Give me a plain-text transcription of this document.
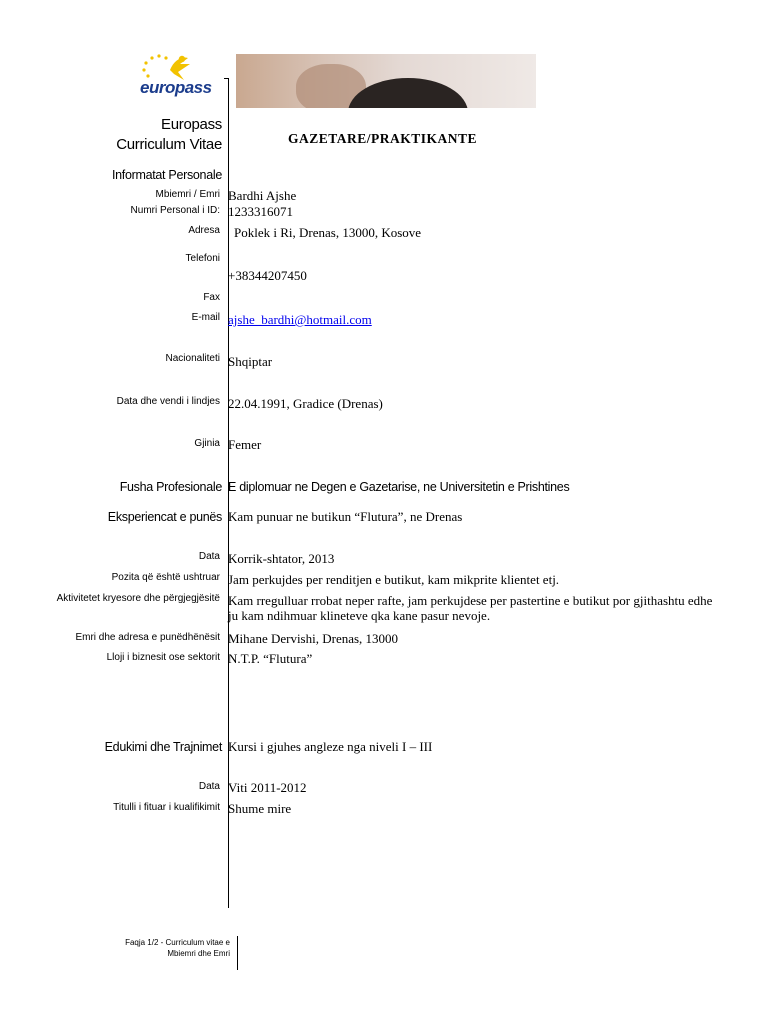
europass
Europass
Curriculum Vitae	GAZETARE/PRAKTIKANTE
Informatat Personale
Mbiemri / Emri Bardhi Ajshe
Numri Personal i ID: 1233316071
Adresa Poklek i Ri, Drenas, 13000, Kosove
Telefoni
+38344207450
Fax
E-mail ajshe_bardhi@hotmail.com
Nacionaliteti Shqiptar
Data dhe vendi i lindjes 22.04.1991, Gradice (Drenas)
Gjinia Femer
Fusha Profesionale E diplomuar ne Degen e Gazetarise, ne Universitetin e Prishtines
Eksperiencat e punës Kam punuar ne butikun “Flutura”, ne Drenas
Data Korrik-shtator, 2013
Pozita që është ushtruar Jam perkujdes per renditjen e butikut, kam mikprite klientet etj.
Aktivitetet kryesore dhe përgjegjësitë Kam rregulluar rrobat neper rafte, jam perkujdese per pastertine e butikut por gjithashtu edhe ju kam ndihmuar klineteve qka kane pasur nevoje.
Emri dhe adresa e punëdhënësit Mihane Dervishi, Drenas, 13000
Lloji i biznesit ose sektorit N.T.P. “Flutura”
Edukimi dhe Trajnimet Kursi i gjuhes angleze nga niveli I – III
Data Viti 2011-2012
Titulli i fituar i kualifikimit Shume mire
Faqja 1/2 - Curriculum vitae e
Mbiemri dhe Emri
